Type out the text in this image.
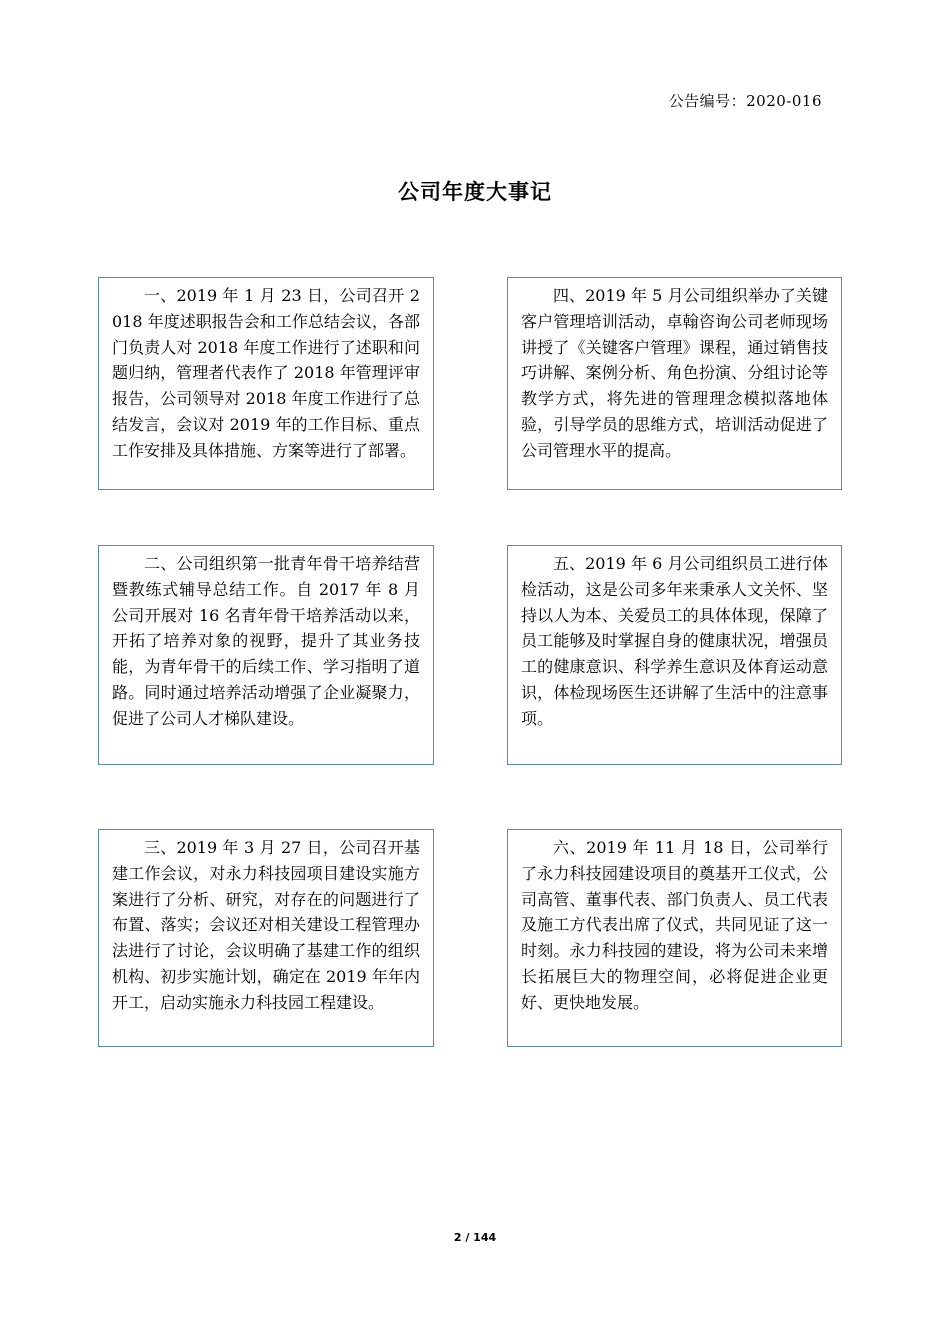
公告编号：2020-016
公司年度大事记
一、2019 年 1 月 23 日，公司召开 2018 年度述职报告会和工作总结会议，各部门负责人对 2018 年度工作进行了述职和问题归纳，管理者代表作了 2018 年管理评审报告，公司领导对 2018 年度工作进行了总结发言，会议对 2019 年的工作目标、重点工作安排及具体措施、方案等进行了部署。
四、2019 年 5 月公司组织举办了关键客户管理培训活动，卓翰咨询公司老师现场讲授了《关键客户管理》课程，通过销售技巧讲解、案例分析、角色扮演、分组讨论等教学方式，将先进的管理理念模拟落地体验，引导学员的思维方式，培训活动促进了公司管理水平的提高。
二、公司组织第一批青年骨干培养结营暨教练式辅导总结工作。自 2017 年 8 月公司开展对 16 名青年骨干培养活动以来，开拓了培养对象的视野，提升了其业务技能，为青年骨干的后续工作、学习指明了道路。同时通过培养活动增强了企业凝聚力，促进了公司人才梯队建设。
五、2019 年 6 月公司组织员工进行体检活动，这是公司多年来秉承人文关怀、坚持以人为本、关爱员工的具体体现，保障了员工能够及时掌握自身的健康状况，增强员工的健康意识、科学养生意识及体育运动意识，体检现场医生还讲解了生活中的注意事项。
三、2019 年 3 月 27 日，公司召开基建工作会议，对永力科技园项目建设实施方案进行了分析、研究，对存在的问题进行了布置、落实；会议还对相关建设工程管理办法进行了讨论，会议明确了基建工作的组织机构、初步实施计划，确定在 2019 年年内开工，启动实施永力科技园工程建设。
六、2019 年 11 月 18 日，公司举行了永力科技园建设项目的奠基开工仪式，公司高管、董事代表、部门负责人、员工代表及施工方代表出席了仪式，共同见证了这一时刻。永力科技园的建设，将为公司未来增长拓展巨大的物理空间，必将促进企业更好、更快地发展。
2 / 144
